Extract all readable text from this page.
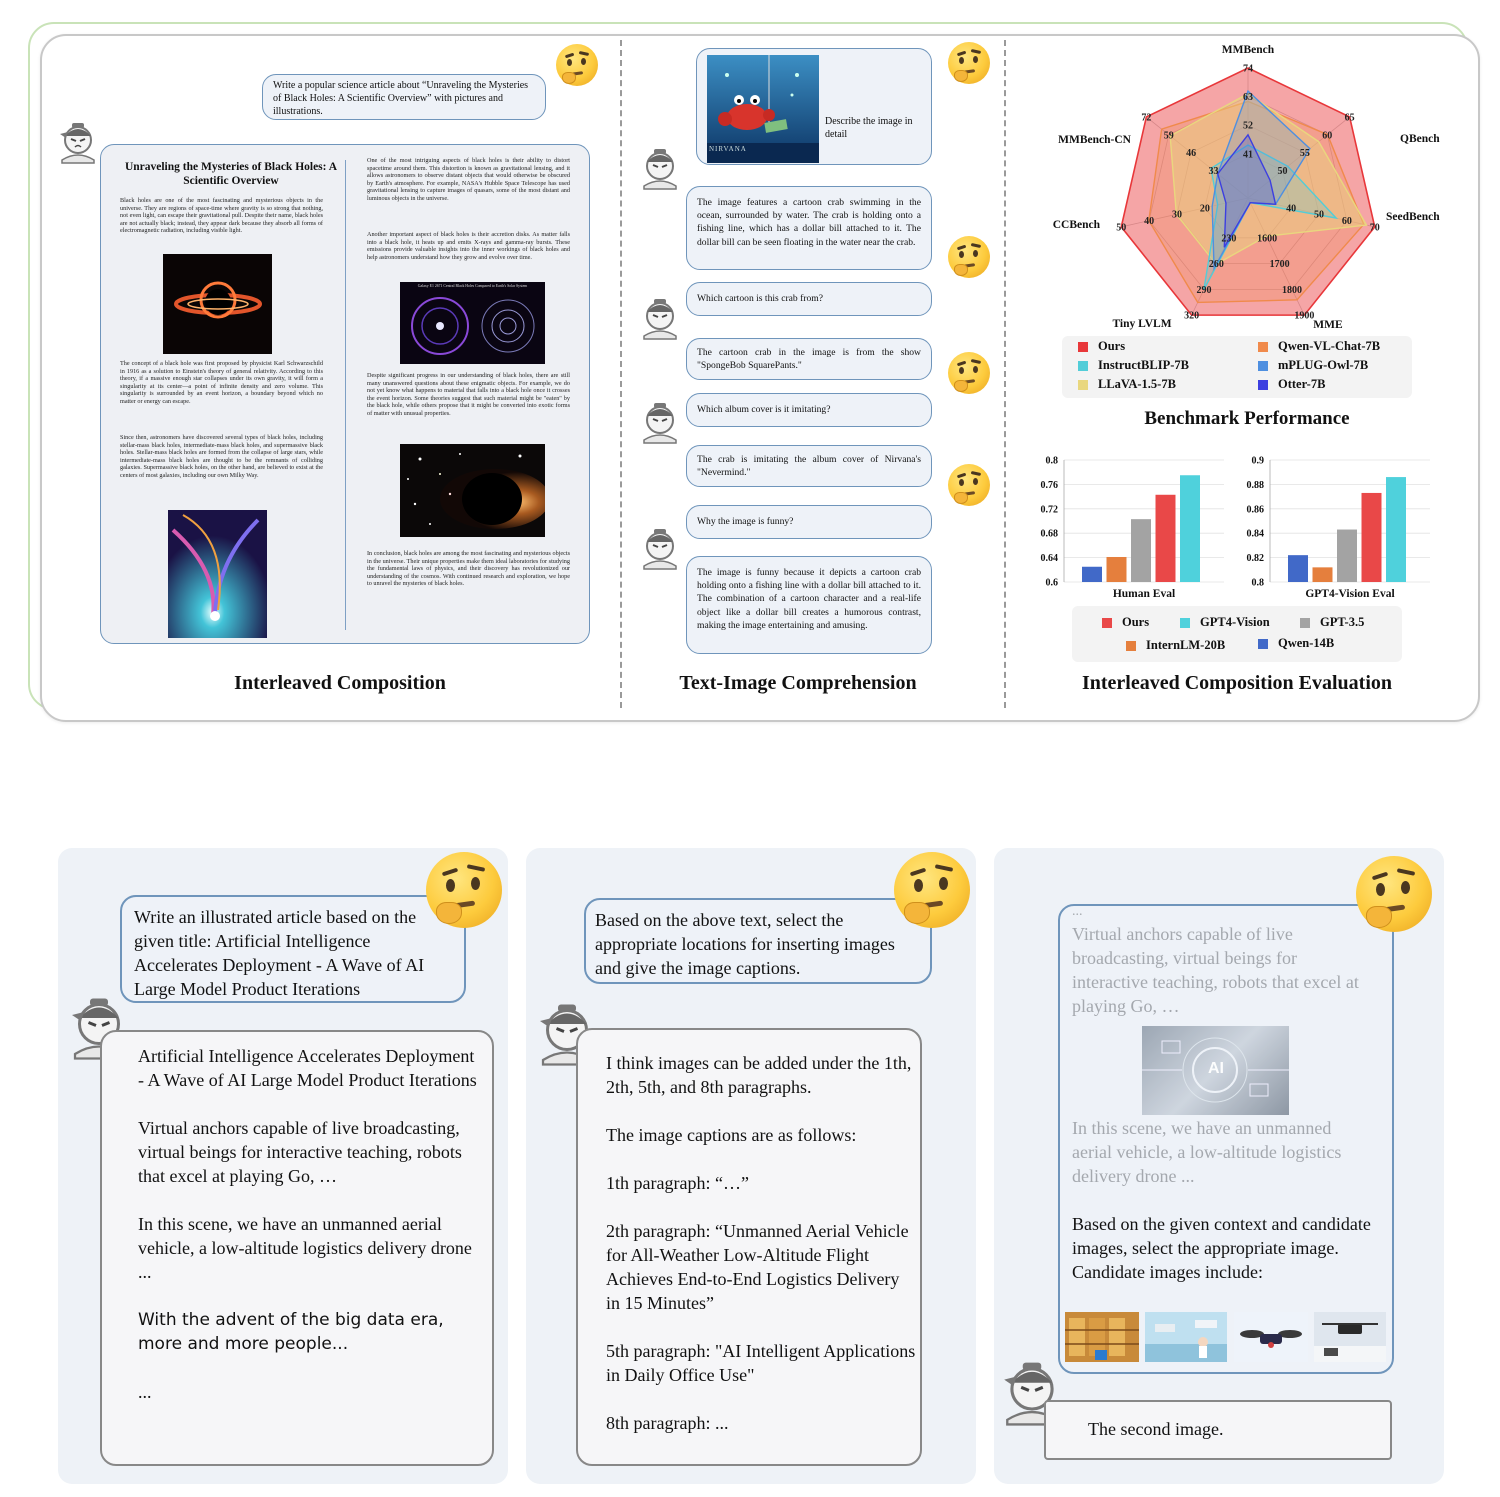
Write a popular science article about “Unraveling the Mysteries of Black Holes: A Scientific Overview” with pictures and illustrations.
Unraveling the Mysteries of Black Holes: A Scientific Overview
Black holes are one of the most fascinating and mysterious objects in the universe. They are regions of space-time where gravity is so strong that nothing, not even light, can escape their gravitational pull. Despite their name, black holes are not actually black; instead, they appear dark because they absorb all forms of electromagnetic radiation, including visible light.
The concept of a black hole was first proposed by physicist Karl Schwarzschild in 1916 as a solution to Einstein's theory of general relativity. According to this theory, if a massive enough star collapses under its own gravity, it will form a singularity at its center—a point of infinite density and zero volume. This singularity is surrounded by an event horizon, a boundary beyond which no matter or energy can escape.
Since then, astronomers have discovered several types of black holes, including stellar-mass black holes, intermediate-mass black holes, and supermassive black holes. Stellar-mass black holes are formed from the collapse of large stars, while intermediate-mass black holes are thought to be the remnants of colliding galaxies. Supermassive black holes, on the other hand, are believed to exist at the centers of most galaxies, including our own Milky Way.
One of the most intriguing aspects of black holes is their ability to distort spacetime around them. This distortion is known as gravitational lensing, and it allows astronomers to observe distant objects that would otherwise be obscured by Earth's atmosphere. For example, NASA's Hubble Space Telescope has used gravitational lensing to capture images of quasars, some of the most distant and luminous objects in the universe.
Another important aspect of black holes is their accretion disks. As matter falls into a black hole, it heats up and emits X-rays and gamma-ray bursts. These emissions provide valuable insights into the inner workings of black holes and help astronomers understand how they grow and evolve over time.
Galaxy E1 2671 Central Black Holes Compared to Earth's Solar System
Despite significant progress in our understanding of black holes, there are still many unanswered questions about these enigmatic objects. For example, we do not yet know what happens to material that falls into a black hole once it crosses the event horizon. Some theories suggest that such material might be "eaten" by the black hole, while others propose that it might be converted into exotic forms of matter with unusual properties.
In conclusion, black holes are among the most fascinating and mysterious objects in the universe. Their unique properties make them ideal laboratories for studying the fundamental laws of physics, and their discovery has revolutionized our understanding of the cosmos. With continued research and exploration, we hope to unravel the mysteries of black holes.
Interleaved Composition
NIRVANA
Describe the image in detail
The image features a cartoon crab swimming in the ocean, surrounded by water. The crab is holding onto a fishing line, which has a dollar bill attached to it. The dollar bill can be seen floating in the water near the crab.
Which cartoon is this crab from?
The cartoon crab in the image is from the show "SpongeBob SquarePants."
Which album cover is it imitating?
The crab is imitating the album cover of Nirvana's "Nevermind."
Why the image is funny?
The image is funny because it depicts a cartoon crab holding onto a fishing line with a dollar bill attached to it. The combination of a cartoon character and a real-life object like a dollar bill creates a humorous contrast, making the image entertaining and amusing.
Text-Image Comprehension
74
63
52
41
65
60
55
50
70
60
50
40
1900
1800
1700
1600
320
290
260
230
50
40
30
20
72
59
46
33
MMBench
QBench
SeedBench
MME
Tiny LVLM
CCBench
MMBench-CN
Benchmark Performance
0.8
0.76
0.72
0.68
0.64
0.6
Human Eval
0.9
0.88
0.86
0.84
0.82
0.8
GPT4-Vision Eval
Interleaved Composition Evaluation
Write an illustrated article based on the given title: Artificial Intelligence Accelerates Deployment - A Wave of AI Large Model Product Iterations
Artificial Intelligence Accelerates Deployment - A Wave of AI Large Model Product Iterations
Virtual anchors capable of live broadcasting, virtual beings for interactive teaching, robots that excel at playing Go, …
In this scene, we have an unmanned aerial vehicle, a low-altitude logistics delivery drone ...
With the advent of the big data era, more and more people...
...
Based on the above text, select the appropriate locations for inserting images and give the image captions.
I think images can be added under the 1th, 2th, 5th, and 8th paragraphs.
The image captions are as follows:
1th paragraph: “…”
2th paragraph: “Unmanned Aerial Vehicle for All-Weather Low-Altitude Flight Achieves End-to-End Logistics Delivery in 15 Minutes”
5th paragraph: "AI Intelligent Applications in Daily Office Use"
8th paragraph: ...
...
Virtual anchors capable of live broadcasting, virtual beings for interactive teaching, robots that excel at playing Go, …
AI
In this scene, we have an unmanned aerial vehicle, a low-altitude logistics delivery drone ...
Based on the given context and candidate images, select the appropriate image. Candidate images include:
The second image.
Ours	Qwen-VL-Chat-7B
InstructBLIP-7B	mPLUG-Owl-7B
LLaVA-1.5-7B	Otter-7B
Ours	GPT4-Vision	GPT-3.5
InternLM-20B	Qwen-14B
